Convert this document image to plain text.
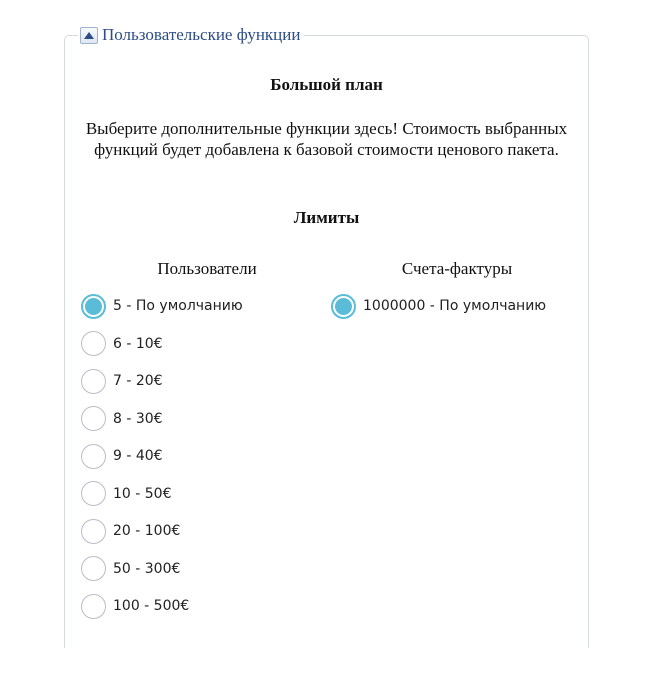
Пользовательские функции
Большой план
Выберите дополнительные функции здесь! Стоимость выбранных функций будет добавлена к базовой стоимости ценового пакета.
Лимиты
Пользователи	Счета-фактуры
5 - По умолчанию
6 - 10€
7 - 20€
8 - 30€
9 - 40€
10 - 50€
20 - 100€
50 - 300€
100 - 500€
1000000 - По умолчанию
